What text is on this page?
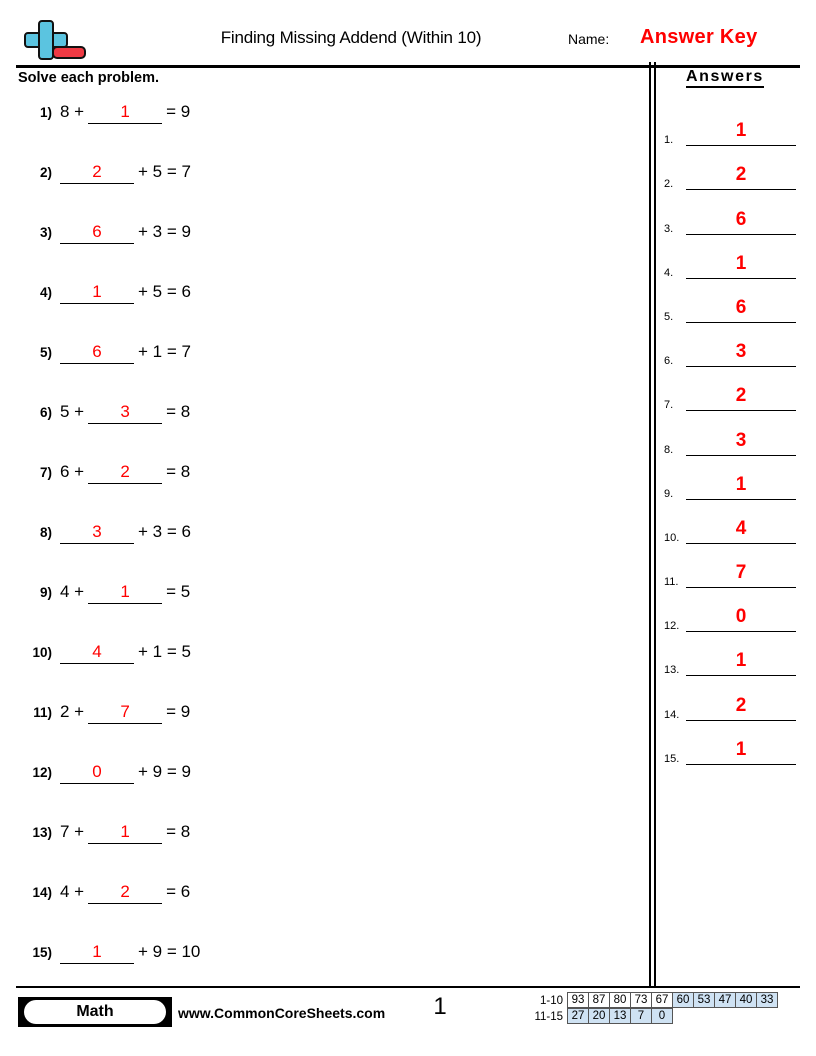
Finding Missing Addend (Within 10)	Name: Answer Key
Solve each problem.
1) 8 +	1	= 9
2)	2	+ 5 = 7
3)	6	+ 3 = 9
4)	1	+ 5 = 6
5)	6	+ 1 = 7
6) 5 +	3	= 8
7) 6 +	2	= 8
8)	3	+ 3 = 6
9) 4 +	1	= 5
10)	4	+ 1 = 5
11) 2 +	7	= 9
12)	0	+ 9 = 9
13) 7 +	1	= 8
14) 4 +	2	= 6
15)	1	+ 9 = 10
Answers
1.	1
2.	2
3.	6
4.	1
5.	6
6.	3
7.	2
8.	3
9.	1
10.	4
11.	7
12.	0
13.	1
14.	2
15.	1
Math	www.CommonCoreSheets.com	1	1-10 93 87 80 73 67 60 53 47 40 33
11-15 27 20 13 7	0
